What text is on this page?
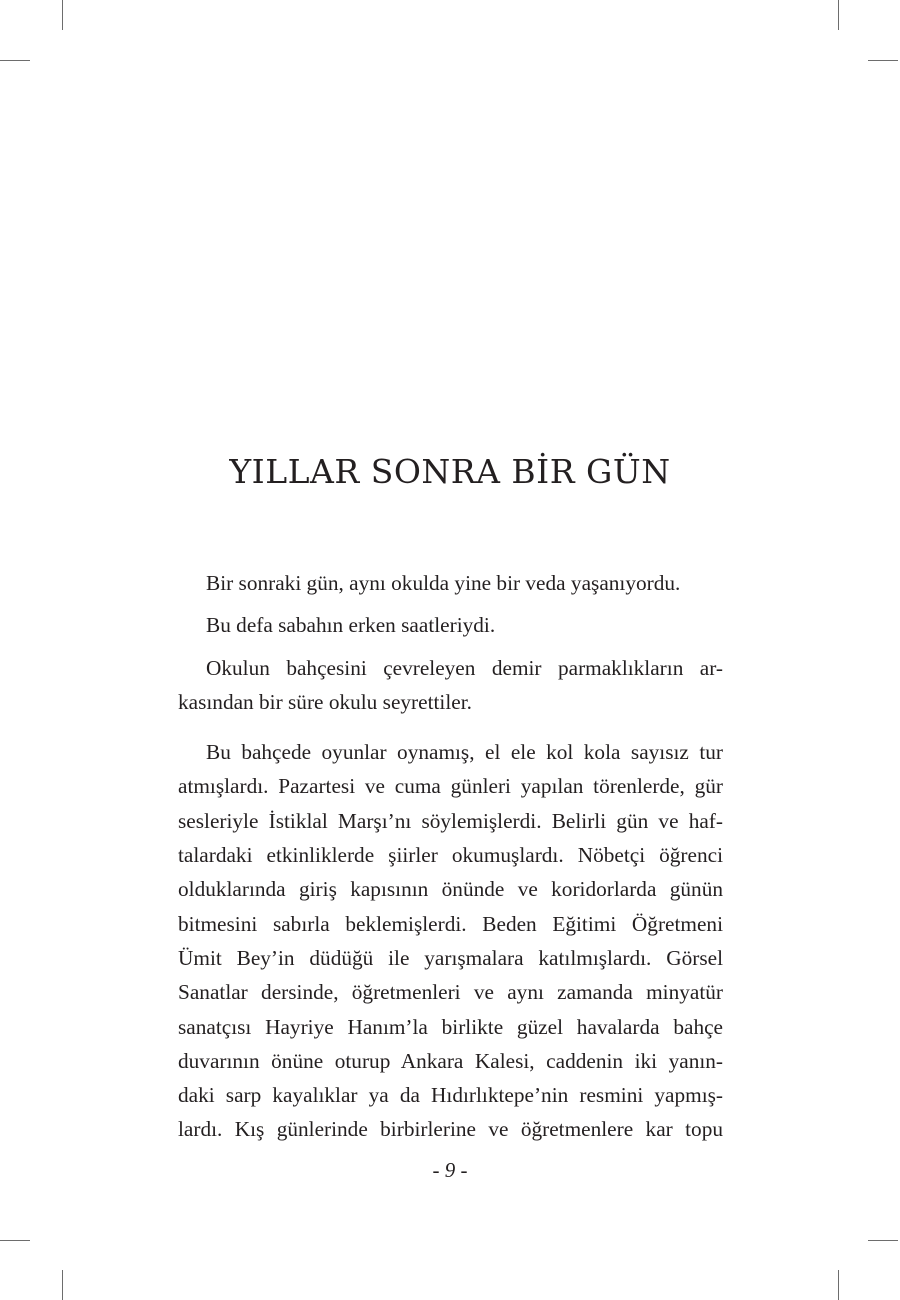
YILLAR SONRA BİR GÜN
Bir sonraki gün, aynı okulda yine bir veda yaşanıyordu.
Bu defa sabahın erken saatleriydi.
Okulun bahçesini çevreleyen demir parmaklıkların ar-
kasından bir süre okulu seyrettiler.
Bu bahçede oyunlar oynamış, el ele kol kola sayısız tur
atmışlardı. Pazartesi ve cuma günleri yapılan törenlerde, gür
sesleriyle İstiklal Marşı’nı söylemişlerdi. Belirli gün ve haf-
talardaki etkinliklerde şiirler okumuşlardı. Nöbetçi öğrenci
olduklarında giriş kapısının önünde ve koridorlarda günün
bitmesini sabırla beklemişlerdi. Beden Eğitimi Öğretmeni
Ümit Bey’in düdüğü ile yarışmalara katılmışlardı. Görsel
Sanatlar dersinde, öğretmenleri ve aynı zamanda minyatür
sanatçısı Hayriye Hanım’la birlikte güzel havalarda bahçe
duvarının önüne oturup Ankara Kalesi, caddenin iki yanın-
daki sarp kayalıklar ya da Hıdırlıktepe’nin resmini yapmış-
lardı. Kış günlerinde birbirlerine ve öğretmenlere kar topu
- 9 -
